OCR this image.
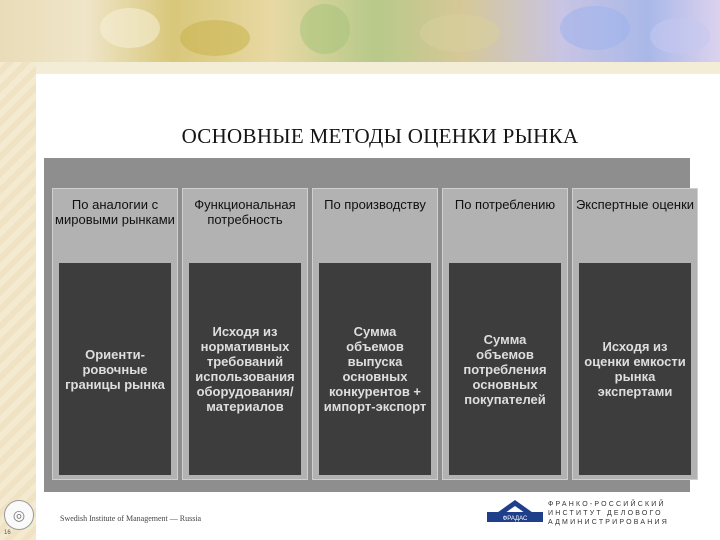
ОСНОВНЫЕ МЕТОДЫ ОЦЕНКИ РЫНКА
По аналогии с мировыми рынками
Ориенти-ровочные границы рынка
Функциональная потребность
Исходя из нормативных требований использования оборудования/ материалов
По производству
Сумма объемов выпуска основных конкурентов + импорт-экспорт
По потреблению
Сумма объемов потребления основных покупателей
Экспертные оценки
Исходя из оценки емкости рынка экспертами
◎	Swedish Institute of Management — Russia	ФРАДАС
ФРАНКО-РОССИЙСКИЙ ИНСТИТУТ ДЕЛОВОГО АДМИНИСТРИРОВАНИЯ
16
